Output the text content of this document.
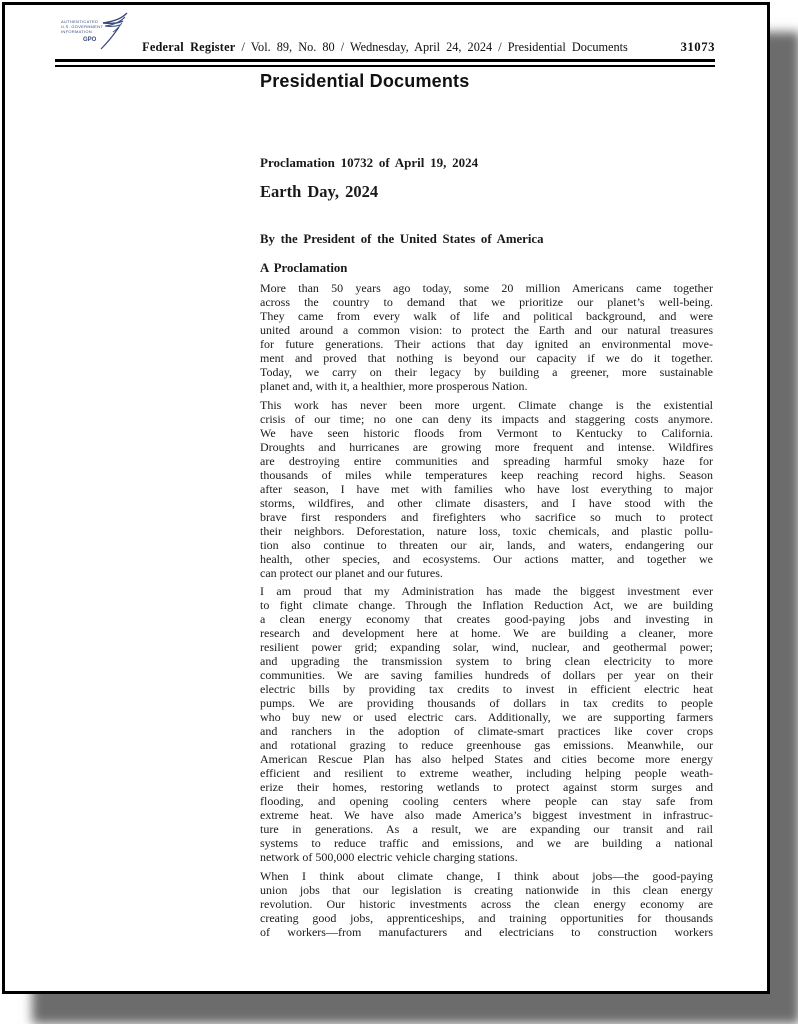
AUTHENTICATED
U.S. GOVERNMENT
INFORMATION
GPO	Federal Register / Vol. 89, No. 80 / Wednesday, April 24, 2024 / Presidential Documents	31073
Presidential Documents
Proclamation 10732 of April 19, 2024
Earth Day, 2024
By the President of the United States of America
A Proclamation
More than 50 years ago today, some 20 million Americans came together
across the country to demand that we prioritize our planet’s well-being.
They came from every walk of life and political background, and were
united around a common vision: to protect the Earth and our natural treasures
for future generations. Their actions that day ignited an environmental move-
ment and proved that nothing is beyond our capacity if we do it together.
Today, we carry on their legacy by building a greener, more sustainable
planet and, with it, a healthier, more prosperous Nation.
This work has never been more urgent. Climate change is the existential
crisis of our time; no one can deny its impacts and staggering costs anymore.
We have seen historic floods from Vermont to Kentucky to California.
Droughts and hurricanes are growing more frequent and intense. Wildfires
are destroying entire communities and spreading harmful smoky haze for
thousands of miles while temperatures keep reaching record highs. Season
after season, I have met with families who have lost everything to major
storms, wildfires, and other climate disasters, and I have stood with the
brave first responders and firefighters who sacrifice so much to protect
their neighbors. Deforestation, nature loss, toxic chemicals, and plastic pollu-
tion also continue to threaten our air, lands, and waters, endangering our
health, other species, and ecosystems. Our actions matter, and together we
can protect our planet and our futures.
I am proud that my Administration has made the biggest investment ever
to fight climate change. Through the Inflation Reduction Act, we are building
a clean energy economy that creates good-paying jobs and investing in
research and development here at home. We are building a cleaner, more
resilient power grid; expanding solar, wind, nuclear, and geothermal power;
and upgrading the transmission system to bring clean electricity to more
communities. We are saving families hundreds of dollars per year on their
electric bills by providing tax credits to invest in efficient electric heat
pumps. We are providing thousands of dollars in tax credits to people
who buy new or used electric cars. Additionally, we are supporting farmers
and ranchers in the adoption of climate-smart practices like cover crops
and rotational grazing to reduce greenhouse gas emissions. Meanwhile, our
American Rescue Plan has also helped States and cities become more energy
efficient and resilient to extreme weather, including helping people weath-
erize their homes, restoring wetlands to protect against storm surges and
flooding, and opening cooling centers where people can stay safe from
extreme heat. We have also made America’s biggest investment in infrastruc-
ture in generations. As a result, we are expanding our transit and rail
systems to reduce traffic and emissions, and we are building a national
network of 500,000 electric vehicle charging stations.
When I think about climate change, I think about jobs—the good-paying
union jobs that our legislation is creating nationwide in this clean energy
revolution. Our historic investments across the clean energy economy are
creating good jobs, apprenticeships, and training opportunities for thousands
of workers—from manufacturers and electricians to construction workers
